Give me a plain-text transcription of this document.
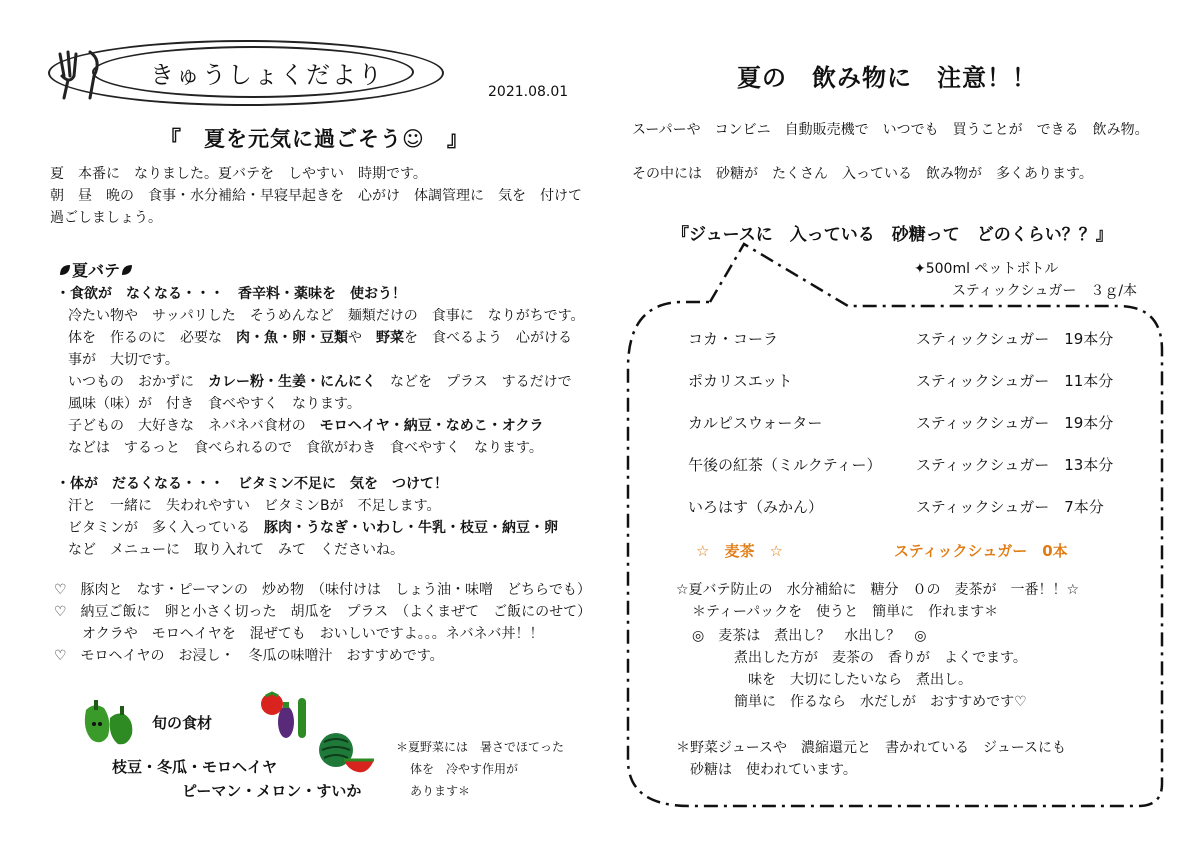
きゅうしょくだより
2021.08.01
『　夏を元気に過ごそう☺　』
夏　本番に　なりました。夏バテを　しやすい　時期です。
朝　昼　晩の　食事・水分補給・早寝早起きを　心がけ　体調管理に　気を　付けて
過ごしましょう。
夏バテ
・食欲が　なくなる・・・　香辛料・薬味を　使おう！
冷たい物や　サッパリした　そうめんなど　麺類だけの　食事に　なりがちです。
体を　作るのに　必要な　肉・魚・卵・豆類や　野菜を　食べるよう　心がける
事が　大切です。
いつもの　おかずに　カレー粉・生姜・にんにく　などを　プラス　するだけで
風味（味）が　付き　食べやすく　なります。
子どもの　大好きな　ネバネバ食材の　モロヘイヤ・納豆・なめこ・オクラ
などは　するっと　食べられるので　食欲がわき　食べやすく　なります。
・体が　だるくなる・・・　ビタミン不足に　気を　つけて！
汗と　一緒に　失われやすい　ビタミンBが　不足します。
ビタミンが　多く入っている　豚肉・うなぎ・いわし・牛乳・枝豆・納豆・卵
など　メニューに　取り入れて　みて　くださいね。
♡　豚肉と　なす・ピーマンの　炒め物　（味付けは　しょう油・味噌　どちらでも）
♡　納豆ご飯に　卵と小さく切った　胡瓜を　プラス　（よくまぜて　ご飯にのせて）
　　オクラや　モロヘイヤを　混ぜても　おいしいですよ。。。ネバネバ丼！！
♡　モロヘイヤの　お浸し・　冬瓜の味噌汁　おすすめです。
旬の食材
枝豆・冬瓜・モロヘイヤ
ピーマン・メロン・すいか
＊夏野菜には　暑さでほてった
体を　冷やす作用が
あります＊
夏の　飲み物に　注意！！
スーパーや　コンビニ　自動販売機で　いつでも　買うことが　できる　飲み物。
その中には　砂糖が　たくさん　入っている　飲み物が　多くあります。
『ジュースに　入っている　砂糖って　どのくらい？？』
✦500ml ペットボトル
スティックシュガー　３ｇ/本
コカ・コーラ	スティックシュガー　19本分
ポカリスエット	スティックシュガー　11本分
カルピスウォーター	スティックシュガー　19本分
午後の紅茶（ミルクティー） スティックシュガー　13本分
いろはす（みかん）	スティックシュガー　7本分
☆　麦茶　☆	スティックシュガー　0本
☆夏バテ防止の　水分補給に　糖分　０の　麦茶が　一番！！☆
＊ティーパックを　使うと　簡単に　作れます＊
◎　麦茶は　煮出し？　水出し？　◎
煮出した方が　麦茶の　香りが　よくでます。
味を　大切にしたいなら　煮出し。
簡単に　作るなら　水だしが　おすすめです♡
＊野菜ジュースや　濃縮還元と　書かれている　ジュースにも
砂糖は　使われています。
